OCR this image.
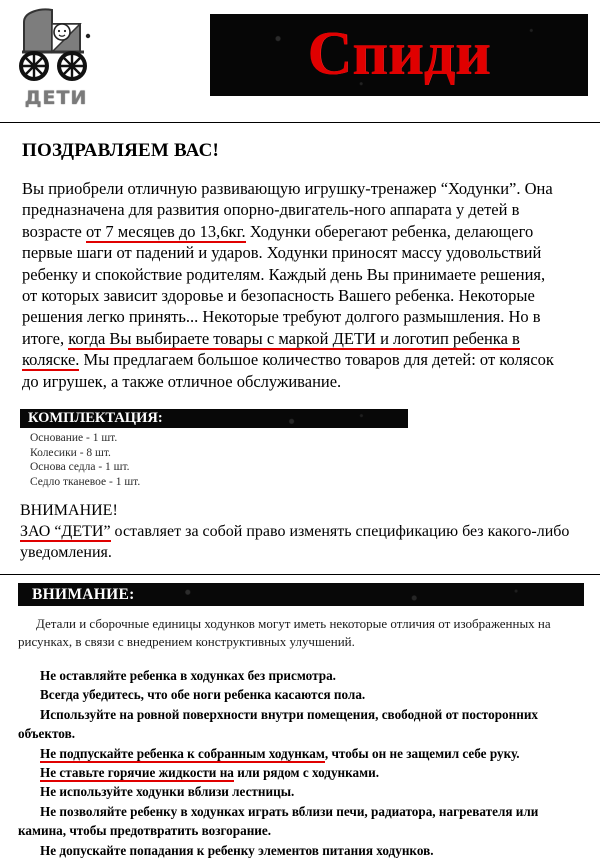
ДЕТИ
Спиди
ПОЗДРАВЛЯЕМ ВАС!
Вы приобрели отличную развивающую игрушку-тренажер “Ходунки”. Она предназначена для развития опорно-двигатель-ного аппарата у детей в возрасте от 7 месяцев до 13,6кг. Ходунки оберегают ребенка, делающего первые шаги от падений и ударов. Ходунки приносят массу удовольствий ребенку и спокойствие родителям. Каждый день Вы принимаете решения, от которых зависит здоровье и безопасность Вашего ребенка. Некоторые решения легко принять... Некоторые требуют долгого размышления. Но в итоге, когда Вы выбираете товары с маркой ДЕТИ и логотип ребенка в коляске. Мы предлагаем большое количество товаров для детей: от колясок до игрушек, а также отличное обслуживание.
КОМПЛЕКТАЦИЯ:
Основание - 1 шт.
Колесики - 8 шт.
Основа седла - 1 шт.
Седло тканевое - 1 шт.
ВНИМАНИЕ!
ЗАО “ДЕТИ” оставляет за собой право изменять спецификацию без какого-либо уведомления.
ВНИМАНИЕ:

Детали и сборочные единицы ходунков могут иметь некоторые отличия от изображенных на рисунках, в связи с внедрением конструктивных улучшений.

Не оставляйте ребенка в ходунках без присмотра.

Всегда убедитесь, что обе ноги ребенка касаются пола.

Используйте на ровной поверхности внутри помещения, свободной от посторонних объектов.

Не подпускайте ребенка к собранным ходункам, чтобы он не защемил себе руку.

Не ставьте горячие жидкости на или рядом с ходунками.

Не используйте ходунки вблизи лестницы.

Не позволяйте ребенку в ходунках играть вблизи печи, радиатора, нагревателя или камина, чтобы предотвратить возгорание.

Не допускайте попадания к ребенку элементов питания ходунков.
